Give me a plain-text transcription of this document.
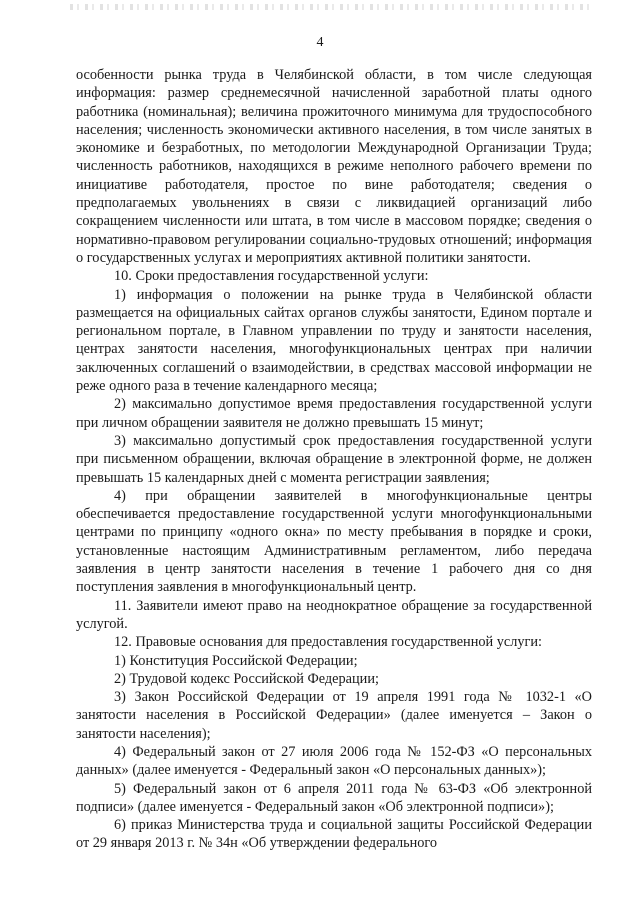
4

особенности рынка труда в Челябинской области, в том числе следующая информация: размер среднемесячной начисленной заработной платы одного работника (номинальная); величина прожиточного минимума для трудоспособного населения; численность экономически активного населения, в том числе занятых в экономике и безработных, по методологии Международной Организации Труда; численность работников, находящихся в режиме неполного рабочего времени по инициативе работодателя, простое по вине работодателя; сведения о предполагаемых увольнениях в связи с ликвидацией организаций либо сокращением численности или штата, в том числе в массовом порядке; сведения о нормативно-правовом регулировании социально-трудовых отношений; информация о государственных услугах и мероприятиях активной политики занятости.

10. Сроки предоставления государственной услуги:

1) информация о положении на рынке труда в Челябинской области размещается на официальных сайтах органов службы занятости, Едином портале и региональном портале, в Главном управлении по труду и занятости населения, центрах занятости населения, многофункциональных центрах при наличии заключенных соглашений о взаимодействии, в средствах массовой информации не реже одного раза в течение календарного месяца;

2) максимально допустимое время предоставления государственной услуги при личном обращении заявителя не должно превышать 15 минут;

3) максимально допустимый срок предоставления государственной услуги при письменном обращении, включая обращение в электронной форме, не должен превышать 15 календарных дней с момента регистрации заявления;

4) при обращении заявителей в многофункциональные центры обеспечивается предоставление государственной услуги многофункциональными центрами по принципу «одного окна» по месту пребывания в порядке и сроки, установленные настоящим Административным регламентом, либо передача заявления в центр занятости населения в течение 1 рабочего дня со дня поступления заявления в многофункциональный центр.

11. Заявители имеют право на неоднократное обращение за государственной услугой.

12. Правовые основания для предоставления государственной услуги:

1) Конституция Российской Федерации;

2) Трудовой кодекс Российской Федерации;

3) Закон Российской Федерации от 19 апреля 1991 года № 1032-1 «О занятости населения в Российской Федерации» (далее именуется – Закон о занятости населения);

4) Федеральный закон от 27 июля 2006 года № 152-ФЗ «О персональных данных» (далее именуется - Федеральный закон «О персональных данных»);

5) Федеральный закон от 6 апреля 2011 года № 63-ФЗ «Об электронной подписи» (далее именуется - Федеральный закон «Об электронной подписи»);

6) приказ Министерства труда и социальной защиты Российской Федерации от 29 января 2013 г. № 34н «Об утверждении федерального
